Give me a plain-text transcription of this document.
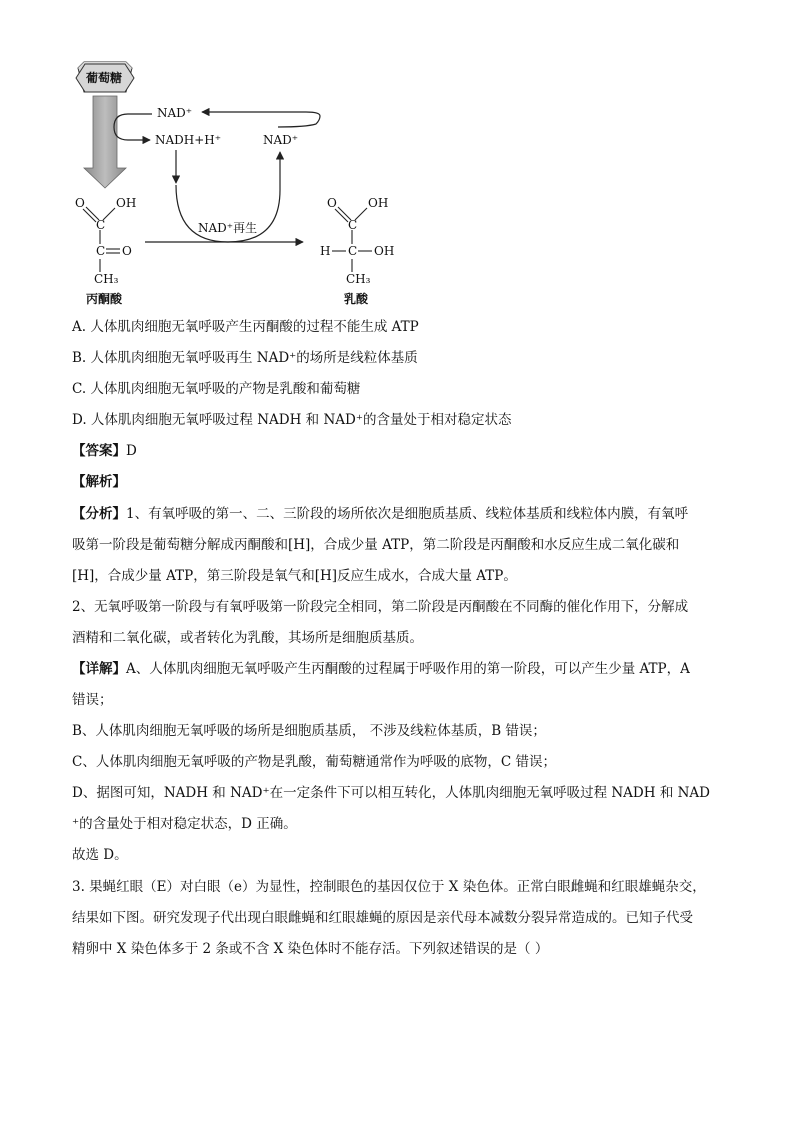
葡萄糖
NAD⁺
NADH+H⁺	NAD⁺
NAD⁺再生
O	OH
C
C O
CH₃
丙酮酸
O	OH
C
H C OH
CH₃
乳酸
A. 人体肌肉细胞无氧呼吸产生丙酮酸的过程不能生成 ATP
B. 人体肌肉细胞无氧呼吸再生 NAD⁺的场所是线粒体基质
C. 人体肌肉细胞无氧呼吸的产物是乳酸和葡萄糖
D. 人体肌肉细胞无氧呼吸过程 NADH 和 NAD⁺的含量处于相对稳定状态
【答案】D
【解析】
【分析】1、有氧呼吸的第一、二、三阶段的场所依次是细胞质基质、线粒体基质和线粒体内膜，有氧呼
吸第一阶段是葡萄糖分解成丙酮酸和[H]，合成少量 ATP，第二阶段是丙酮酸和水反应生成二氧化碳和
[H]，合成少量 ATP，第三阶段是氧气和[H]反应生成水，合成大量 ATP。
2、无氧呼吸第一阶段与有氧呼吸第一阶段完全相同，第二阶段是丙酮酸在不同酶的催化作用下，分解成
酒精和二氧化碳，或者转化为乳酸，其场所是细胞质基质。
【详解】A、人体肌肉细胞无氧呼吸产生丙酮酸的过程属于呼吸作用的第一阶段，可以产生少量 ATP，A
错误；
B、人体肌肉细胞无氧呼吸的场所是细胞质基质， 不涉及线粒体基质，B 错误；
C、人体肌肉细胞无氧呼吸的产物是乳酸，葡萄糖通常作为呼吸的底物，C 错误；
D、据图可知，NADH 和 NAD⁺在一定条件下可以相互转化，人体肌肉细胞无氧呼吸过程 NADH 和 NAD
⁺的含量处于相对稳定状态，D 正确。
故选 D。
3. 果蝇红眼（E）对白眼（e）为显性，控制眼色的基因仅位于 X 染色体。正常白眼雌蝇和红眼雄蝇杂交，
结果如下图。研究发现子代出现白眼雌蝇和红眼雄蝇的原因是亲代母本减数分裂异常造成的。已知子代受
精卵中 X 染色体多于 2 条或不含 X 染色体时不能存活。下列叙述错误的是（ ）
